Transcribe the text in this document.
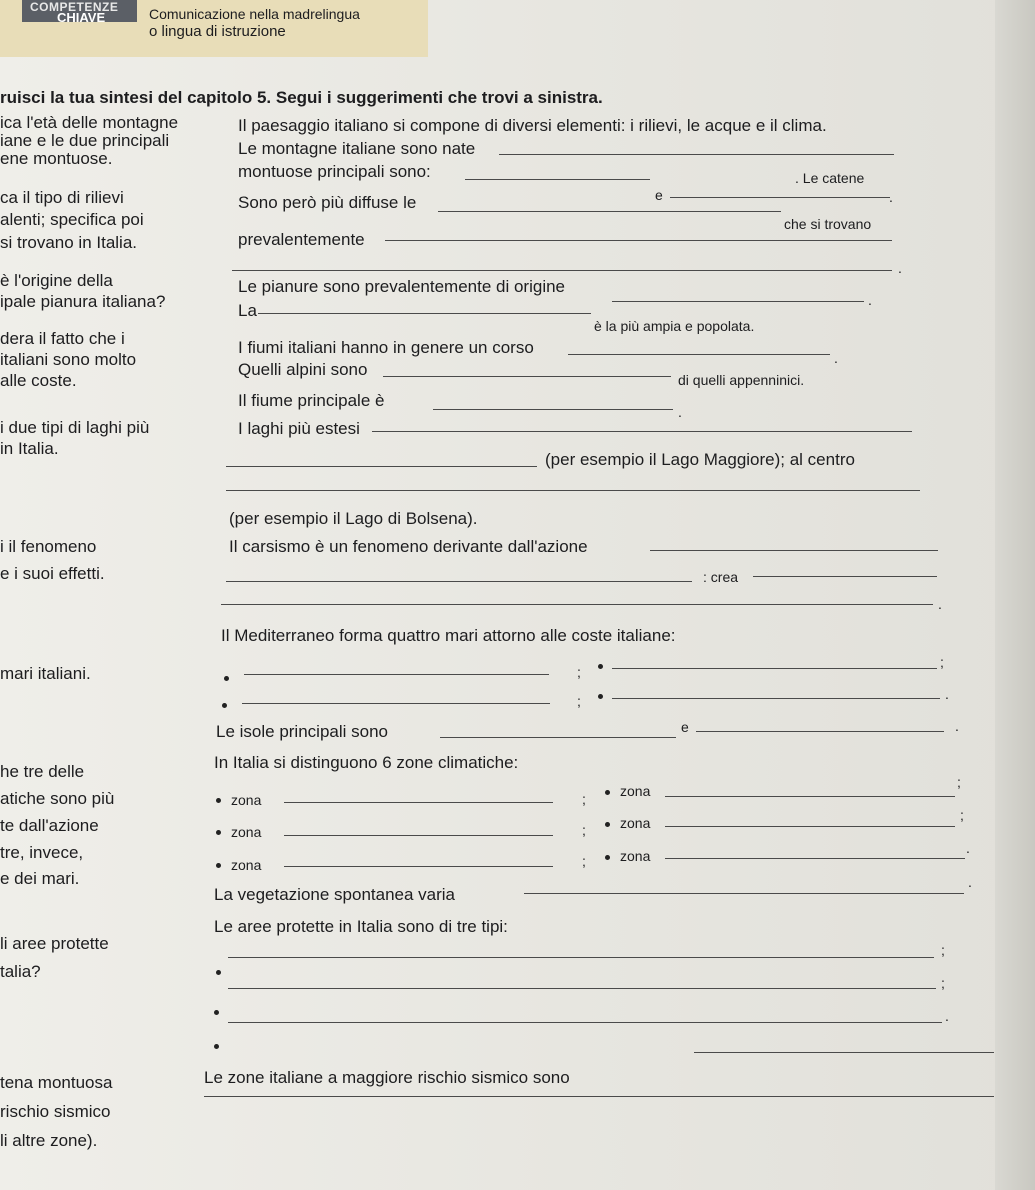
COMPETENZE
CHIAVE	Comunicazione nella madrelingua
o lingua di istruzione
ruisci la tua sintesi del capitolo 5. Segui i suggerimenti che trovi a sinistra.
ica l'età delle montagne
iane e le due principali
ene montuose.
ca il tipo di rilievi
alenti; specifica poi
si trovano in Italia.
è l'origine della
ipale pianura italiana?
dera il fatto che i
italiani sono molto
alle coste.
i due tipi di laghi più
in Italia.
i il fenomeno
e i suoi effetti.
mari italiani.
he tre delle
atiche sono più
te dall'azione
tre, invece,
e dei mari.
li aree protette
talia?
tena montuosa
rischio sismico
li altre zone).
Il paesaggio italiano si compone di diversi elementi: i rilievi, le acque e il clima.
Le montagne italiane sono nate
. Le catene
montuose principali sono:
e	.
Sono però più diffuse le
che si trovano
prevalentemente
.
Le pianure sono prevalentemente di origine
.
La
è la più ampia e popolata.
I fiumi italiani hanno in genere un corso
.
Quelli alpini sono
di quelli appenninici.
Il fiume principale è
.
I laghi più estesi
(per esempio il Lago Maggiore); al centro
(per esempio il Lago di Bolsena).
Il carsismo è un fenomeno derivante dall'azione
: crea
.
Il Mediterraneo forma quattro mari attorno alle coste italiane:
;
;
;	.
Le isole principali sono	e	.
In Italia si distinguono 6 zone climatiche:
zona	; zona
;
zona	; zona	;
zona	; zona	.
La vegetazione spontanea varia
.
Le aree protette in Italia sono di tre tipi:
;
;
.
Le zone italiane a maggiore rischio sismico sono
